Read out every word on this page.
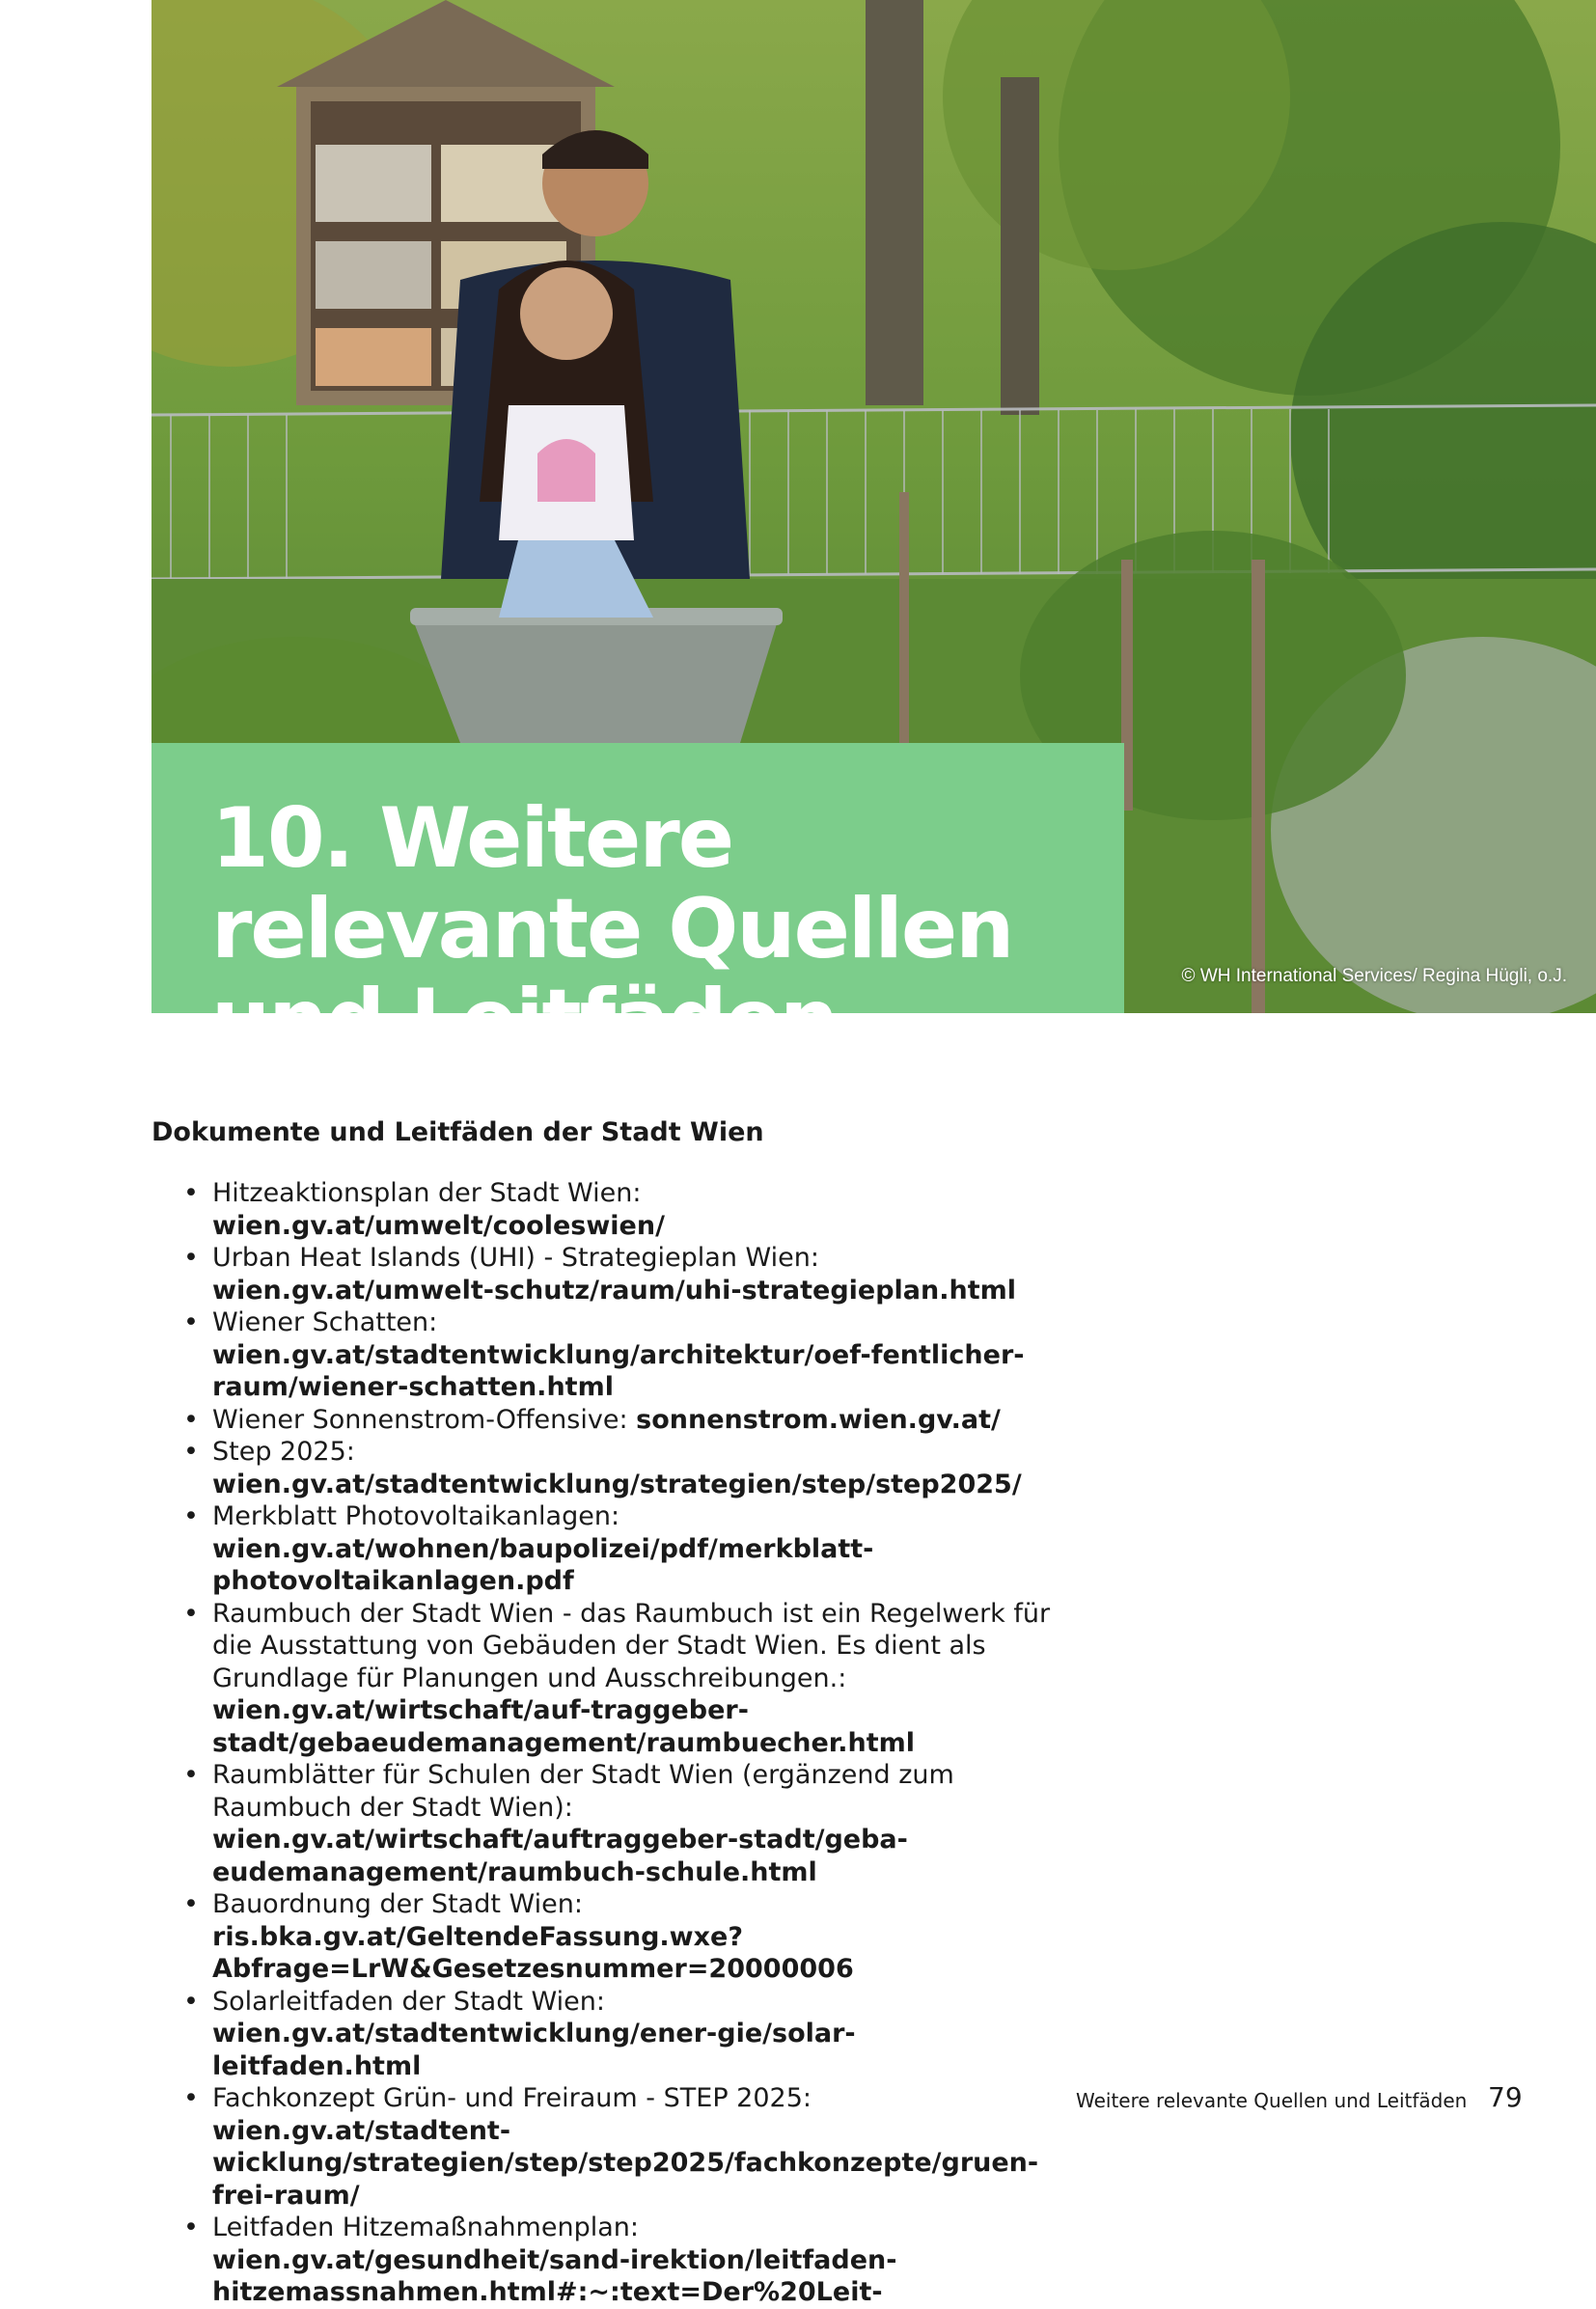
10. Weitere relevante Quellen und Leitfäden	© WH International Services/ Regina Hügli, o.J.
Dokumente und Leitfäden der Stadt Wien
• Hitzeaktionsplan der Stadt Wien: wien.gv.at/umwelt/cooleswien/
• Urban Heat Islands (UHI) - Strategieplan Wien: wien.gv.at/umwelt-schutz/raum/uhi-strategieplan.html
• Wiener Schatten: wien.gv.at/stadtentwicklung/architektur/oef-fentlicher-raum/wiener-schatten.html
• Wiener Sonnenstrom-Offensive: sonnenstrom.wien.gv.at/
• Step 2025: wien.gv.at/stadtentwicklung/strategien/step/step2025/
• Merkblatt Photovoltaikanlagen: wien.gv.at/wohnen/baupolizei/pdf/merkblatt-photovoltaikanlagen.pdf
• Raumbuch der Stadt Wien - das Raumbuch ist ein Regelwerk für die Ausstattung von Gebäuden der Stadt Wien. Es dient als Grundlage für Planungen und Ausschreibungen.: wien.gv.at/wirtschaft/auf-traggeber-stadt/gebaeudemanagement/raumbuecher.html
• Raumblätter für Schulen der Stadt Wien (ergänzend zum Raumbuch der Stadt Wien): wien.gv.at/wirtschaft/auftraggeber-stadt/geba-eudemanagement/raumbuch-schule.html
• Bauordnung der Stadt Wien: ris.bka.gv.at/GeltendeFassung.wxe?Abfrage=LrW&Gesetzesnummer=20000006
• Solarleitfaden der Stadt Wien: wien.gv.at/stadtentwicklung/ener-gie/solar-leitfaden.html
• Fachkonzept Grün- und Freiraum - STEP 2025: wien.gv.at/stadtent-wicklung/strategien/step/step2025/fachkonzepte/gruen-frei-raum/
• Leitfaden Hitzemaßnahmenplan: wien.gv.at/gesundheit/sand-irektion/leitfaden-hitzemassnahmen.html#:~:text=Der%20Leit-
Weitere relevante Quellen und Leitfäden 79
